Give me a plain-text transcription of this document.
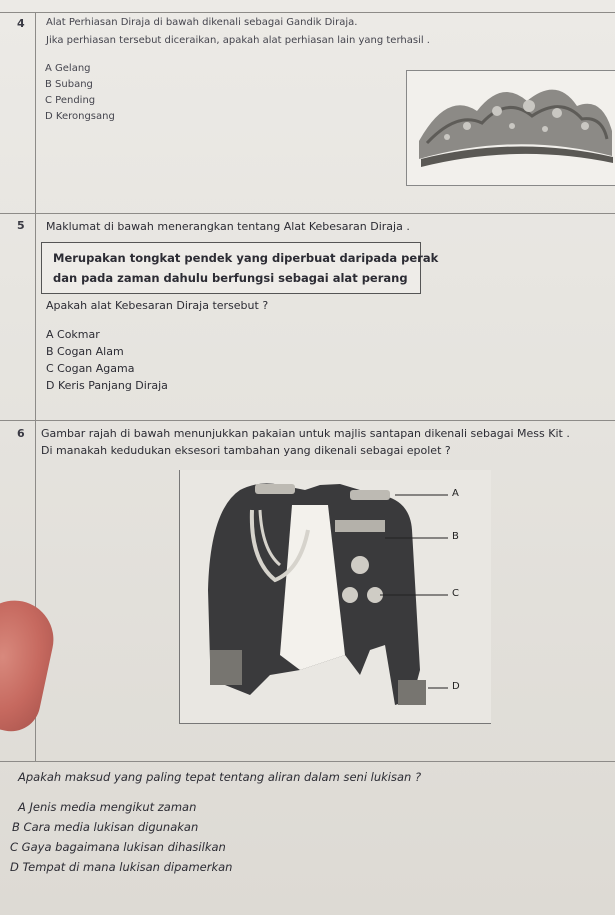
4 Alat Perhiasan Diraja di bawah dikenali sebagai Gandik Diraja.
Jika perhiasan tersebut diceraikan, apakah alat perhiasan lain yang terhasil .
A Gelang
B Subang
C Pending
D Kerongsang
5 Maklumat di bawah menerangkan tentang Alat Kebesaran Diraja .
Merupakan tongkat pendek yang diperbuat daripada perak
dan pada zaman dahulu berfungsi sebagai alat perang
Apakah alat Kebesaran Diraja tersebut ?
A Cokmar
B Cogan Alam
C Cogan Agama
D Keris Panjang Diraja
6 Gambar rajah di bawah menunjukkan pakaian untuk majlis santapan dikenali sebagai Mess Kit .
Di manakah kedudukan eksesori tambahan yang dikenali sebagai epolet ?
A
B
C
D
Apakah maksud yang paling tepat tentang aliran dalam seni lukisan ?
A Jenis media mengikut zaman
B Cara media lukisan digunakan
C Gaya bagaimana lukisan dihasilkan
D Tempat di mana lukisan dipamerkan
